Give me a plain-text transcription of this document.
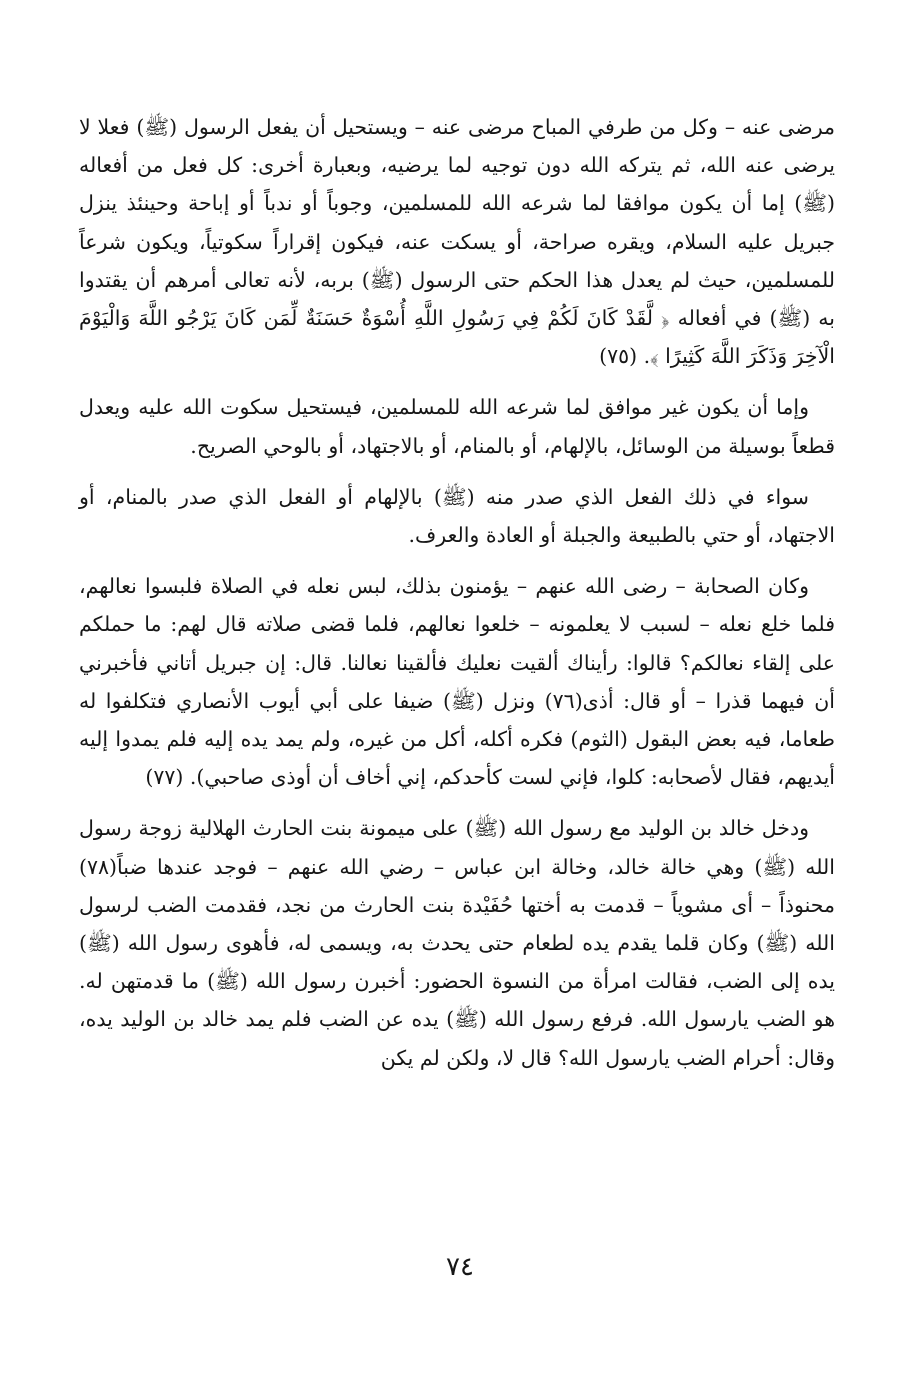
مرضى عنه – وكل من طرفي المباح مرضى عنه – ويستحيل أن يفعل الرسول (ﷺ) فعلا لا يرضى عنه الله، ثم يتركه الله دون توجيه لما يرضيه، وبعبارة أخرى: كل فعل من أفعاله (ﷺ) إما أن يكون موافقا لما شرعه الله للمسلمين، وجوباً أو ندباً أو إباحة وحينئذ ينزل جبريل عليه السلام، ويقره صراحة، أو يسكت عنه، فيكون إقراراً سكوتياً، ويكون شرعاً للمسلمين، حيث لم يعدل هذا الحكم حتى الرسول (ﷺ) بربه، لأنه تعالى أمرهم أن يقتدوا به (ﷺ) في أفعاله ﴿ لَّقَدْ كَانَ لَكُمْ فِي رَسُولِ اللَّهِ أُسْوَةٌ حَسَنَةٌ لِّمَن كَانَ يَرْجُو اللَّهَ وَالْيَوْمَ الْآخِرَ وَذَكَرَ اللَّهَ كَثِيرًا ﴾. (٧٥)

وإما أن يكون غير موافق لما شرعه الله للمسلمين، فيستحيل سكوت الله عليه ويعدل قطعاً بوسيلة من الوسائل، بالإلهام، أو بالمنام، أو بالاجتهاد، أو بالوحي الصريح.

سواء في ذلك الفعل الذي صدر منه (ﷺ) بالإلهام أو الفعل الذي صدر بالمنام، أو الاجتهاد، أو حتي بالطبيعة والجبلة أو العادة والعرف.

وكان الصحابة – رضى الله عنهم – يؤمنون بذلك، لبس نعله في الصلاة فلبسوا نعالهم، فلما خلع نعله – لسبب لا يعلمونه – خلعوا نعالهم، فلما قضى صلاته قال لهم: ما حملكم على إلقاء نعالكم؟ قالوا: رأيناك ألقيت نعليك فألقينا نعالنا. قال: إن جبريل أتاني فأخبرني أن فيهما قذرا – أو قال: أذى(٧٦) ونزل (ﷺ) ضيفا على أبي أيوب الأنصاري فتكلفوا له طعاما، فيه بعض البقول (الثوم) فكره أكله، أكل من غيره، ولم يمد يده إليه فلم يمدوا إليه أيديهم، فقال لأصحابه: كلوا، فإني لست كأحدكم، إني أخاف أن أوذى صاحبي). (٧٧)

ودخل خالد بن الوليد مع رسول الله (ﷺ) على ميمونة بنت الحارث الهلالية زوجة رسول الله (ﷺ) وهي خالة خالد، وخالة ابن عباس – رضي الله عنهم – فوجد عندها ضباً(٧٨) محنوذاً – أى مشوياً – قدمت به أختها حُفَيْدة بنت الحارث من نجد، فقدمت الضب لرسول الله (ﷺ) وكان قلما يقدم يده لطعام حتى يحدث به، ويسمى له، فأهوى رسول الله (ﷺ) يده إلى الضب، فقالت امرأة من النسوة الحضور: أخبرن رسول الله (ﷺ) ما قدمتهن له. هو الضب يارسول الله. فرفع رسول الله (ﷺ) يده عن الضب فلم يمد خالد بن الوليد يده، وقال: أحرام الضب يارسول الله؟ قال لا، ولكن لم يكن

٧٤
